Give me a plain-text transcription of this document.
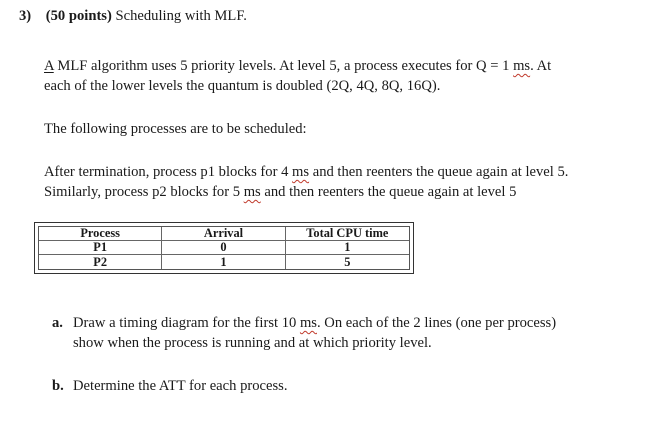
3) (50 points) Scheduling with MLF.
A MLF algorithm uses 5 priority levels. At level 5, a process executes for Q = 1 ms. At
each of the lower levels the quantum is doubled (2Q, 4Q, 8Q, 16Q).
The following processes are to be scheduled:
After termination, process p1 blocks for 4 ms and then reenters the queue again at level 5.
Similarly, process p2 blocks for 5 ms and then reenters the queue again at level 5
Process	Arrival	Total CPU time
P1	0	1
P2	1	5
a. Draw a timing diagram for the first 10 ms. On each of the 2 lines (one per process)
show when the process is running and at which priority level.
b. Determine the ATT for each process.
